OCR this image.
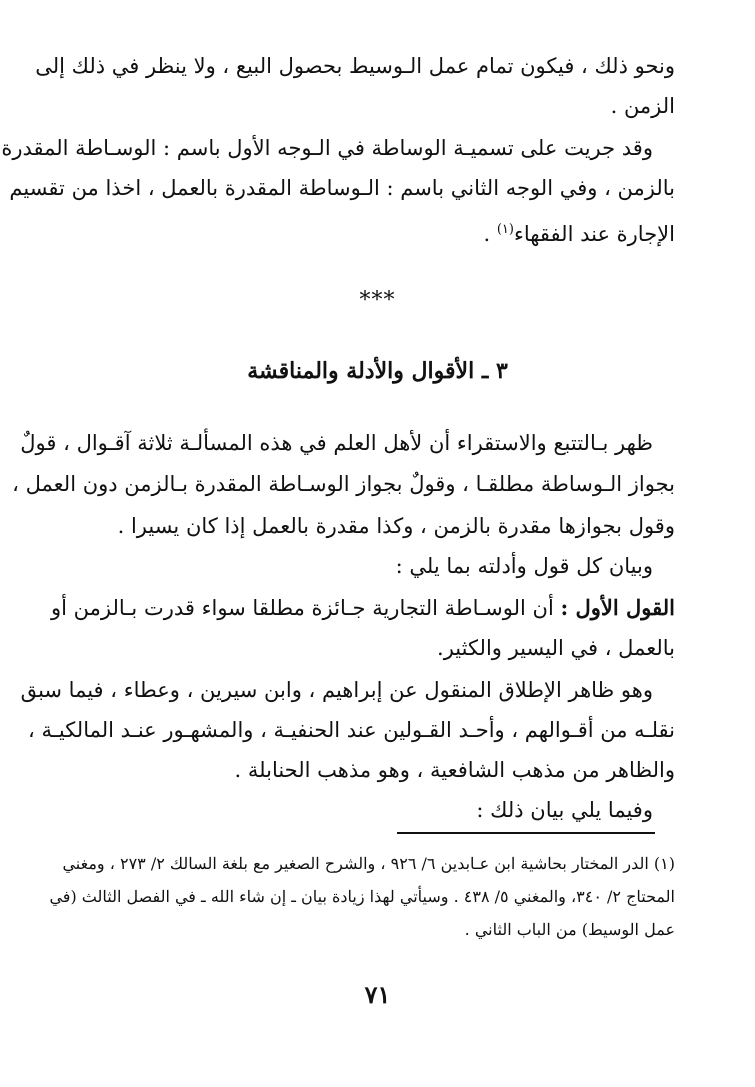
ونحو ذلك ، فيكون تمام عمل الـوسيط بحصول البيع ، ولا ينظر في ذلك إلى
الزمن .
وقد جريت على تسميـة الوساطة في الـوجه الأول باسم : الوسـاطة المقدرة
بالزمن ، وفي الوجه الثاني باسم : الـوساطة المقدرة بالعمل ، اخذا من تقسيم
الإجارة عند الفقهاء$^{(١)}$ .
***
٣ ـ الأقوال والأدلة والمناقشة
ظهر بـالتتبع والاستقراء أن لأهل العلم في هذه المسألـة ثلاثة آقـوال ، قولٌ
بجواز الـوساطة مطلقـا ، وقولٌ بجواز الوسـاطة المقدرة بـالزمن دون العمل ،
وقول بجوازها مقدرة بالزمن ، وكذا مقدرة بالعمل إذا كان يسيرا .
وبيان كل قول وأدلته بما يلي :
القول الأول : أن الوسـاطة التجارية جـائزة مطلقا سواء قدرت بـالزمن أو
بالعمل ، في اليسير والكثير.
وهو ظاهر الإطلاق المنقول عن إبراهيم ، وابن سيرين ، وعطاء ، فيما سبق
نقلـه من أقـوالهم ، وأحـد القـولين عند الحنفيـة ، والمشهـور عنـد المالكيـة ،
والظاهر من مذهب الشافعية ، وهو مذهب الحنابلة .
وفيما يلي بيان ذلك :
(١) الدر المختار بحاشية ابن عـابدين ٦/ ٩٢٦ ، والشرح الصغير مع بلغة السالك ٢/ ٢٧٣ ، ومغني
المحتاج ٢/ ٣٤٠، والمغني ٥/ ٤٣٨ . وسيأتي لهذا زيادة بيان ـ إن شاء الله ـ في الفصل الثالث (في
عمل الوسيط) من الباب الثاني .
٧١
